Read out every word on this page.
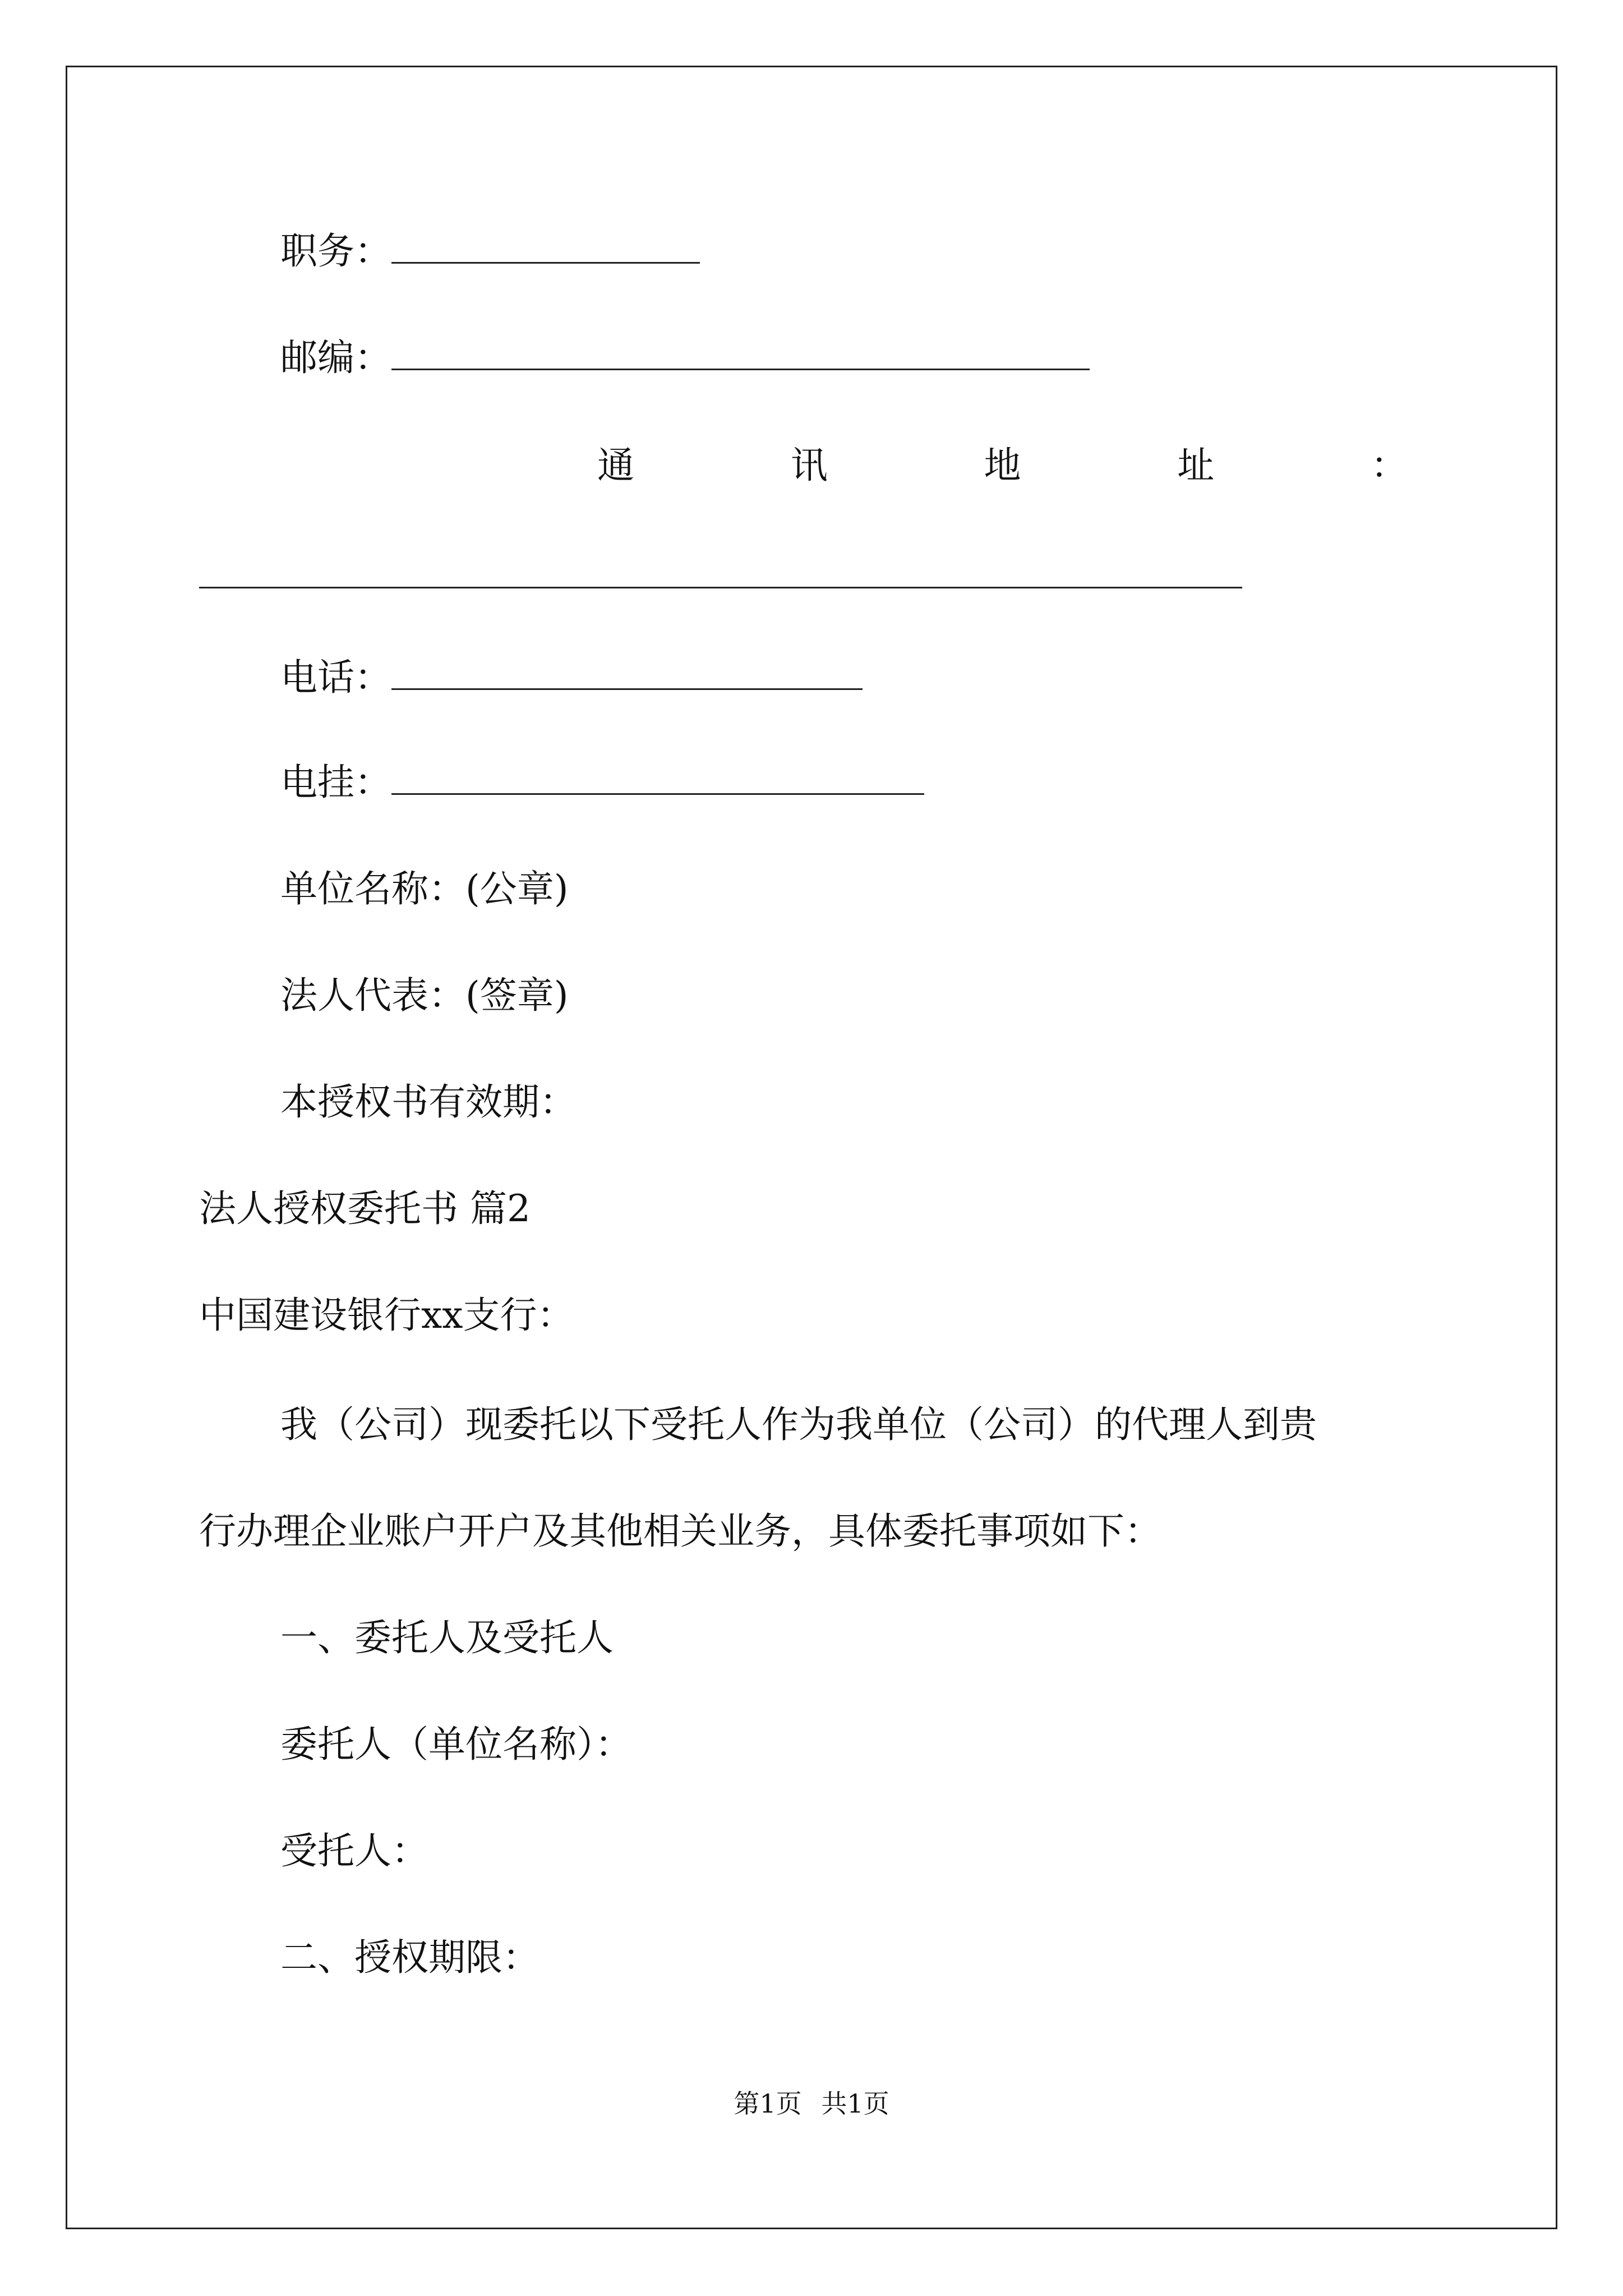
职务：
邮编：
通	讯	地	址	：
电话：
电挂：
单位名称：(公章)
法人代表：(签章)
本授权书有效期：
法人授权委托书 篇2
中国建设银行xx支行：
我（公司）现委托以下受托人作为我单位（公司）的代理人到贵
行办理企业账户开户及其他相关业务，具体委托事项如下：
一、委托人及受托人
委托人（单位名称）：
受托人：
二、授权期限：
第1页 共1页
